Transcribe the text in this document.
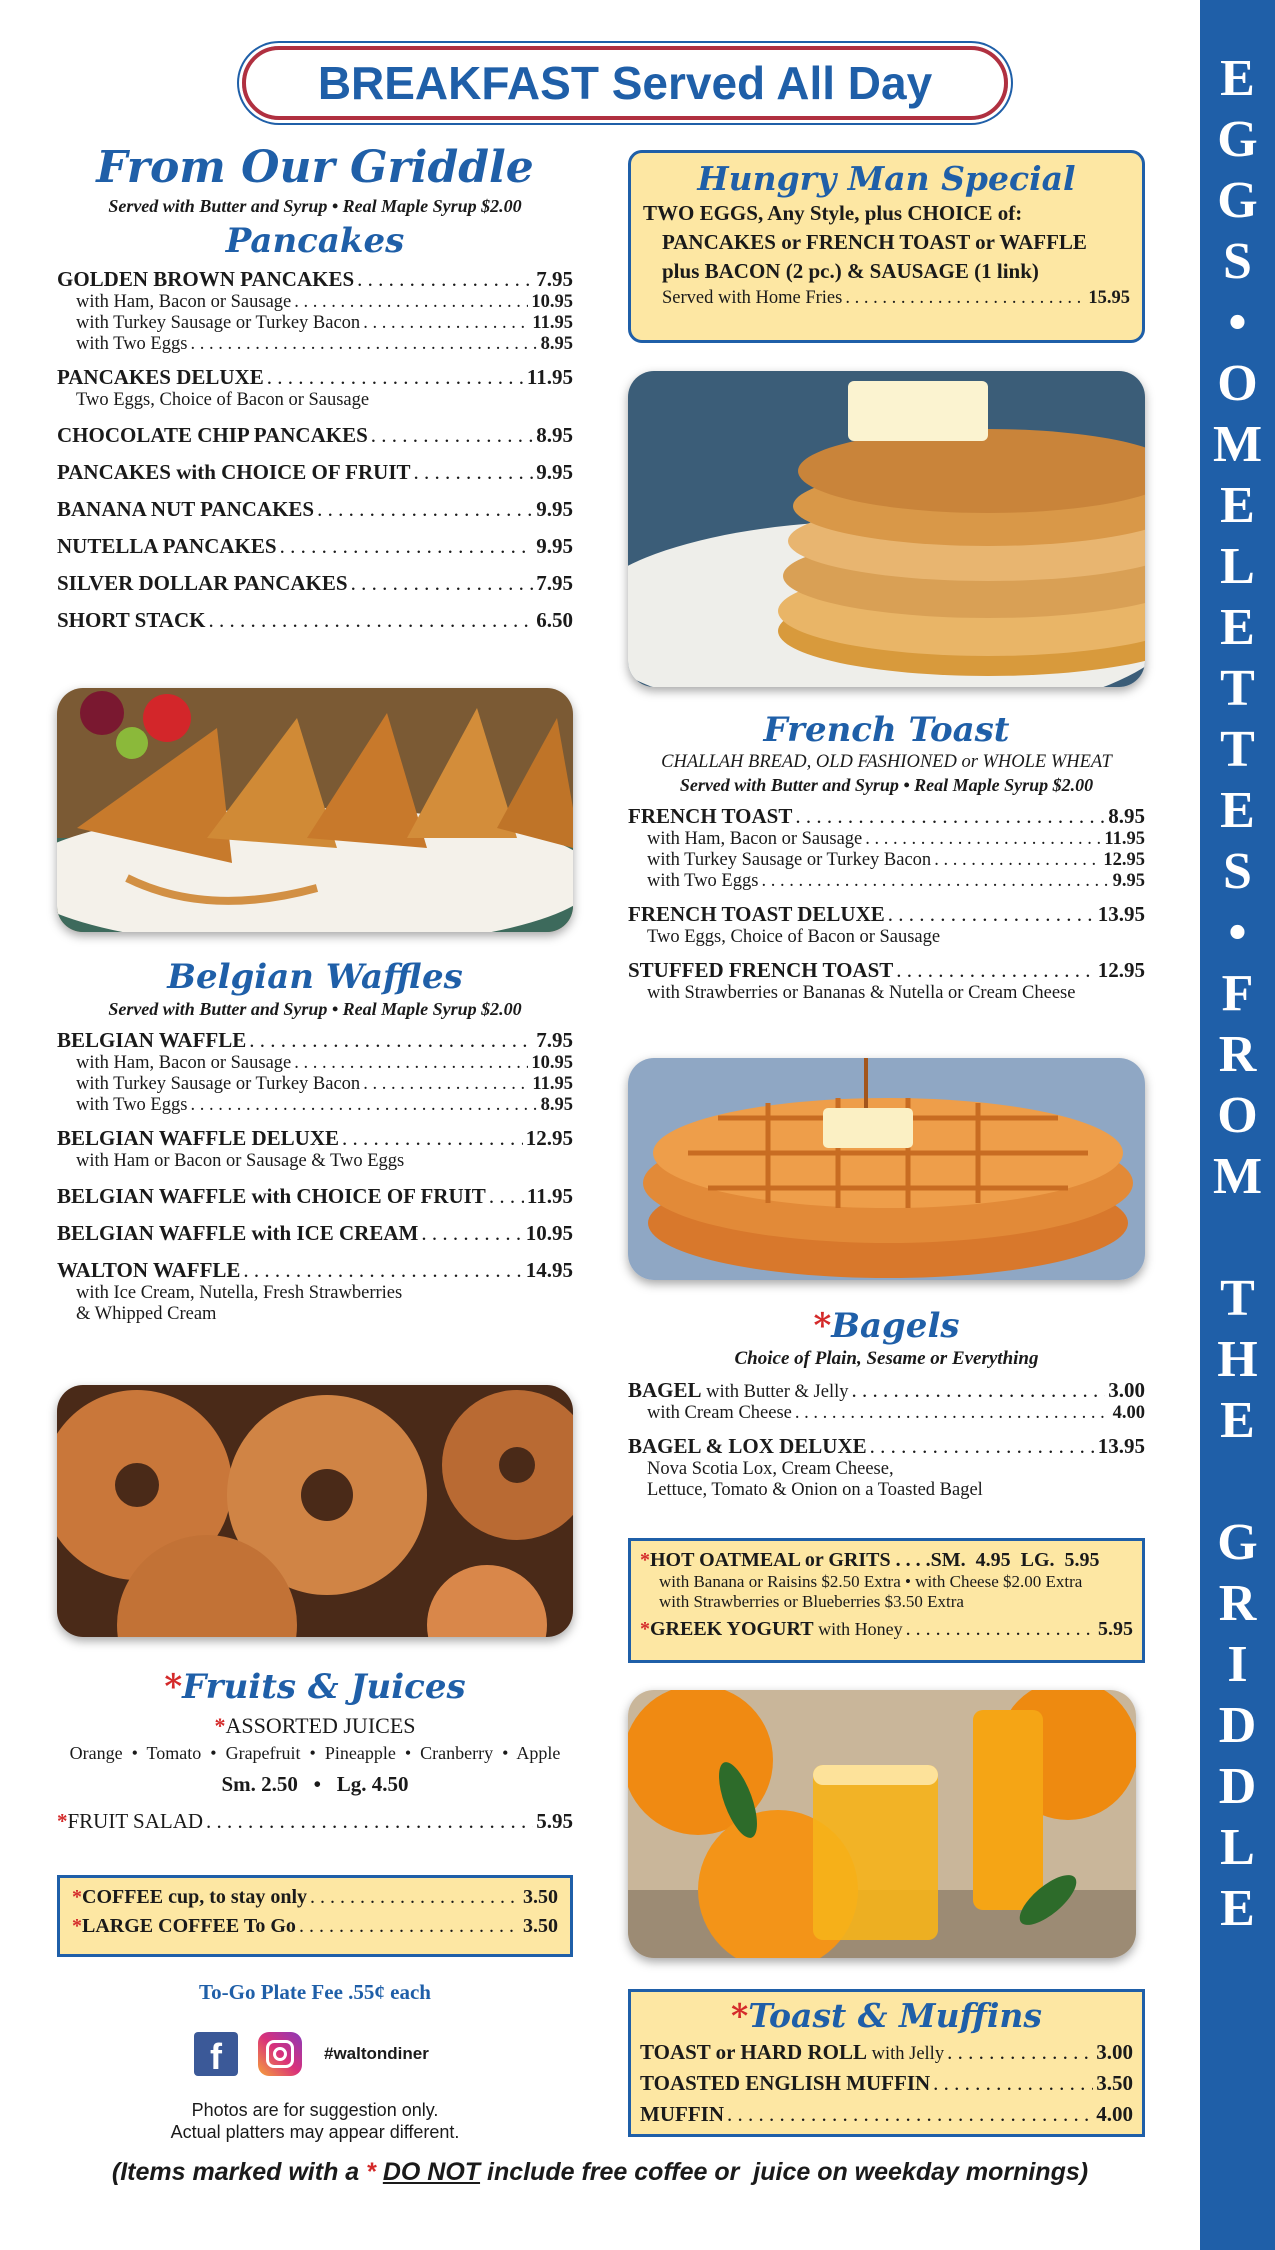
E
G
G
S
•
O
M
E
L
E
T
T
E
S
•
F
R
O
M
T
H
E
G
R
I
D
D
L
E
BREAKFAST Served All Day
From Our Griddle
Served with Butter and Syrup • Real Maple Syrup $2.00
Pancakes
GOLDEN BROWN PANCAKES . . .	7.95
with Ham, Bacon or Sausage . . .	10.95
with Turkey Sausage or Turkey Bacon . . .	11.95
with Two Eggs . . .	8.95
PANCAKES DELUXE . . .	11.95
Two Eggs, Choice of Bacon or Sausage
CHOCOLATE CHIP PANCAKES . . .	8.95
PANCAKES with CHOICE OF FRUIT . . .	9.95
BANANA NUT PANCAKES . . .	9.95
NUTELLA PANCAKES . . .	9.95
SILVER DOLLAR PANCAKES . . .	7.95
SHORT STACK . . .	6.50
Belgian Waffles
Served with Butter and Syrup • Real Maple Syrup $2.00
BELGIAN WAFFLE . . .	7.95
with Ham, Bacon or Sausage . . .	10.95
with Turkey Sausage or Turkey Bacon . . .	11.95
with Two Eggs . . .	8.95
BELGIAN WAFFLE DELUXE . . .	12.95
with Ham or Bacon or Sausage & Two Eggs
BELGIAN WAFFLE with CHOICE OF FRUIT . . . 11.95
BELGIAN WAFFLE with ICE CREAM . . .	10.95
WALTON WAFFLE . . .	14.95
with Ice Cream, Nutella, Fresh Strawberries
& Whipped Cream
*Fruits & Juices
*ASSORTED JUICES
Orange  •  Tomato  •  Grapefruit  •  Pineapple  •  Cranberry  •  Apple
Sm. 2.50   •   Lg. 4.50
*FRUIT SALAD . . .	5.95
*COFFEE cup, to stay only . . .	3.50
*LARGE COFFEE To Go . . .	3.50
To-Go Plate Fee .55¢ each
f	#waltondiner
Photos are for suggestion only.
Actual platters may appear different.
(Items marked with a * DO NOT include free coffee or  juice on weekday mornings)
Hungry Man Special
TWO EGGS, Any Style, plus CHOICE of:
PANCAKES or FRENCH TOAST or WAFFLE
plus BACON (2 pc.) & SAUSAGE (1 link)
Served with Home Fries . . .	15.95
French Toast
CHALLAH BREAD, OLD FASHIONED or WHOLE WHEAT
Served with Butter and Syrup • Real Maple Syrup $2.00
FRENCH TOAST . . .	8.95
with Ham, Bacon or Sausage . . .	11.95
with Turkey Sausage or Turkey Bacon . . .	12.95
with Two Eggs . . .	9.95
FRENCH TOAST DELUXE . . .	13.95
Two Eggs, Choice of Bacon or Sausage
STUFFED FRENCH TOAST . . .	12.95
with Strawberries or Bananas & Nutella or Cream Cheese
*Bagels
Choice of Plain, Sesame or Everything
BAGEL with Butter & Jelly . . .	3.00
with Cream Cheese . . .	4.00
BAGEL & LOX DELUXE . . .	13.95
Nova Scotia Lox, Cream Cheese,
Lettuce, Tomato & Onion on a Toasted Bagel
*HOT OATMEAL or GRITS . . . .SM.  4.95  LG.  5.95
with Banana or Raisins $2.50 Extra • with Cheese $2.00 Extra
with Strawberries or Blueberries $3.50 Extra
*GREEK YOGURT with Honey . . .	5.95
*Toast & Muffins
TOAST or HARD ROLL with Jelly . . .	3.00
TOASTED ENGLISH MUFFIN . . .	3.50
MUFFIN . . .	4.00
